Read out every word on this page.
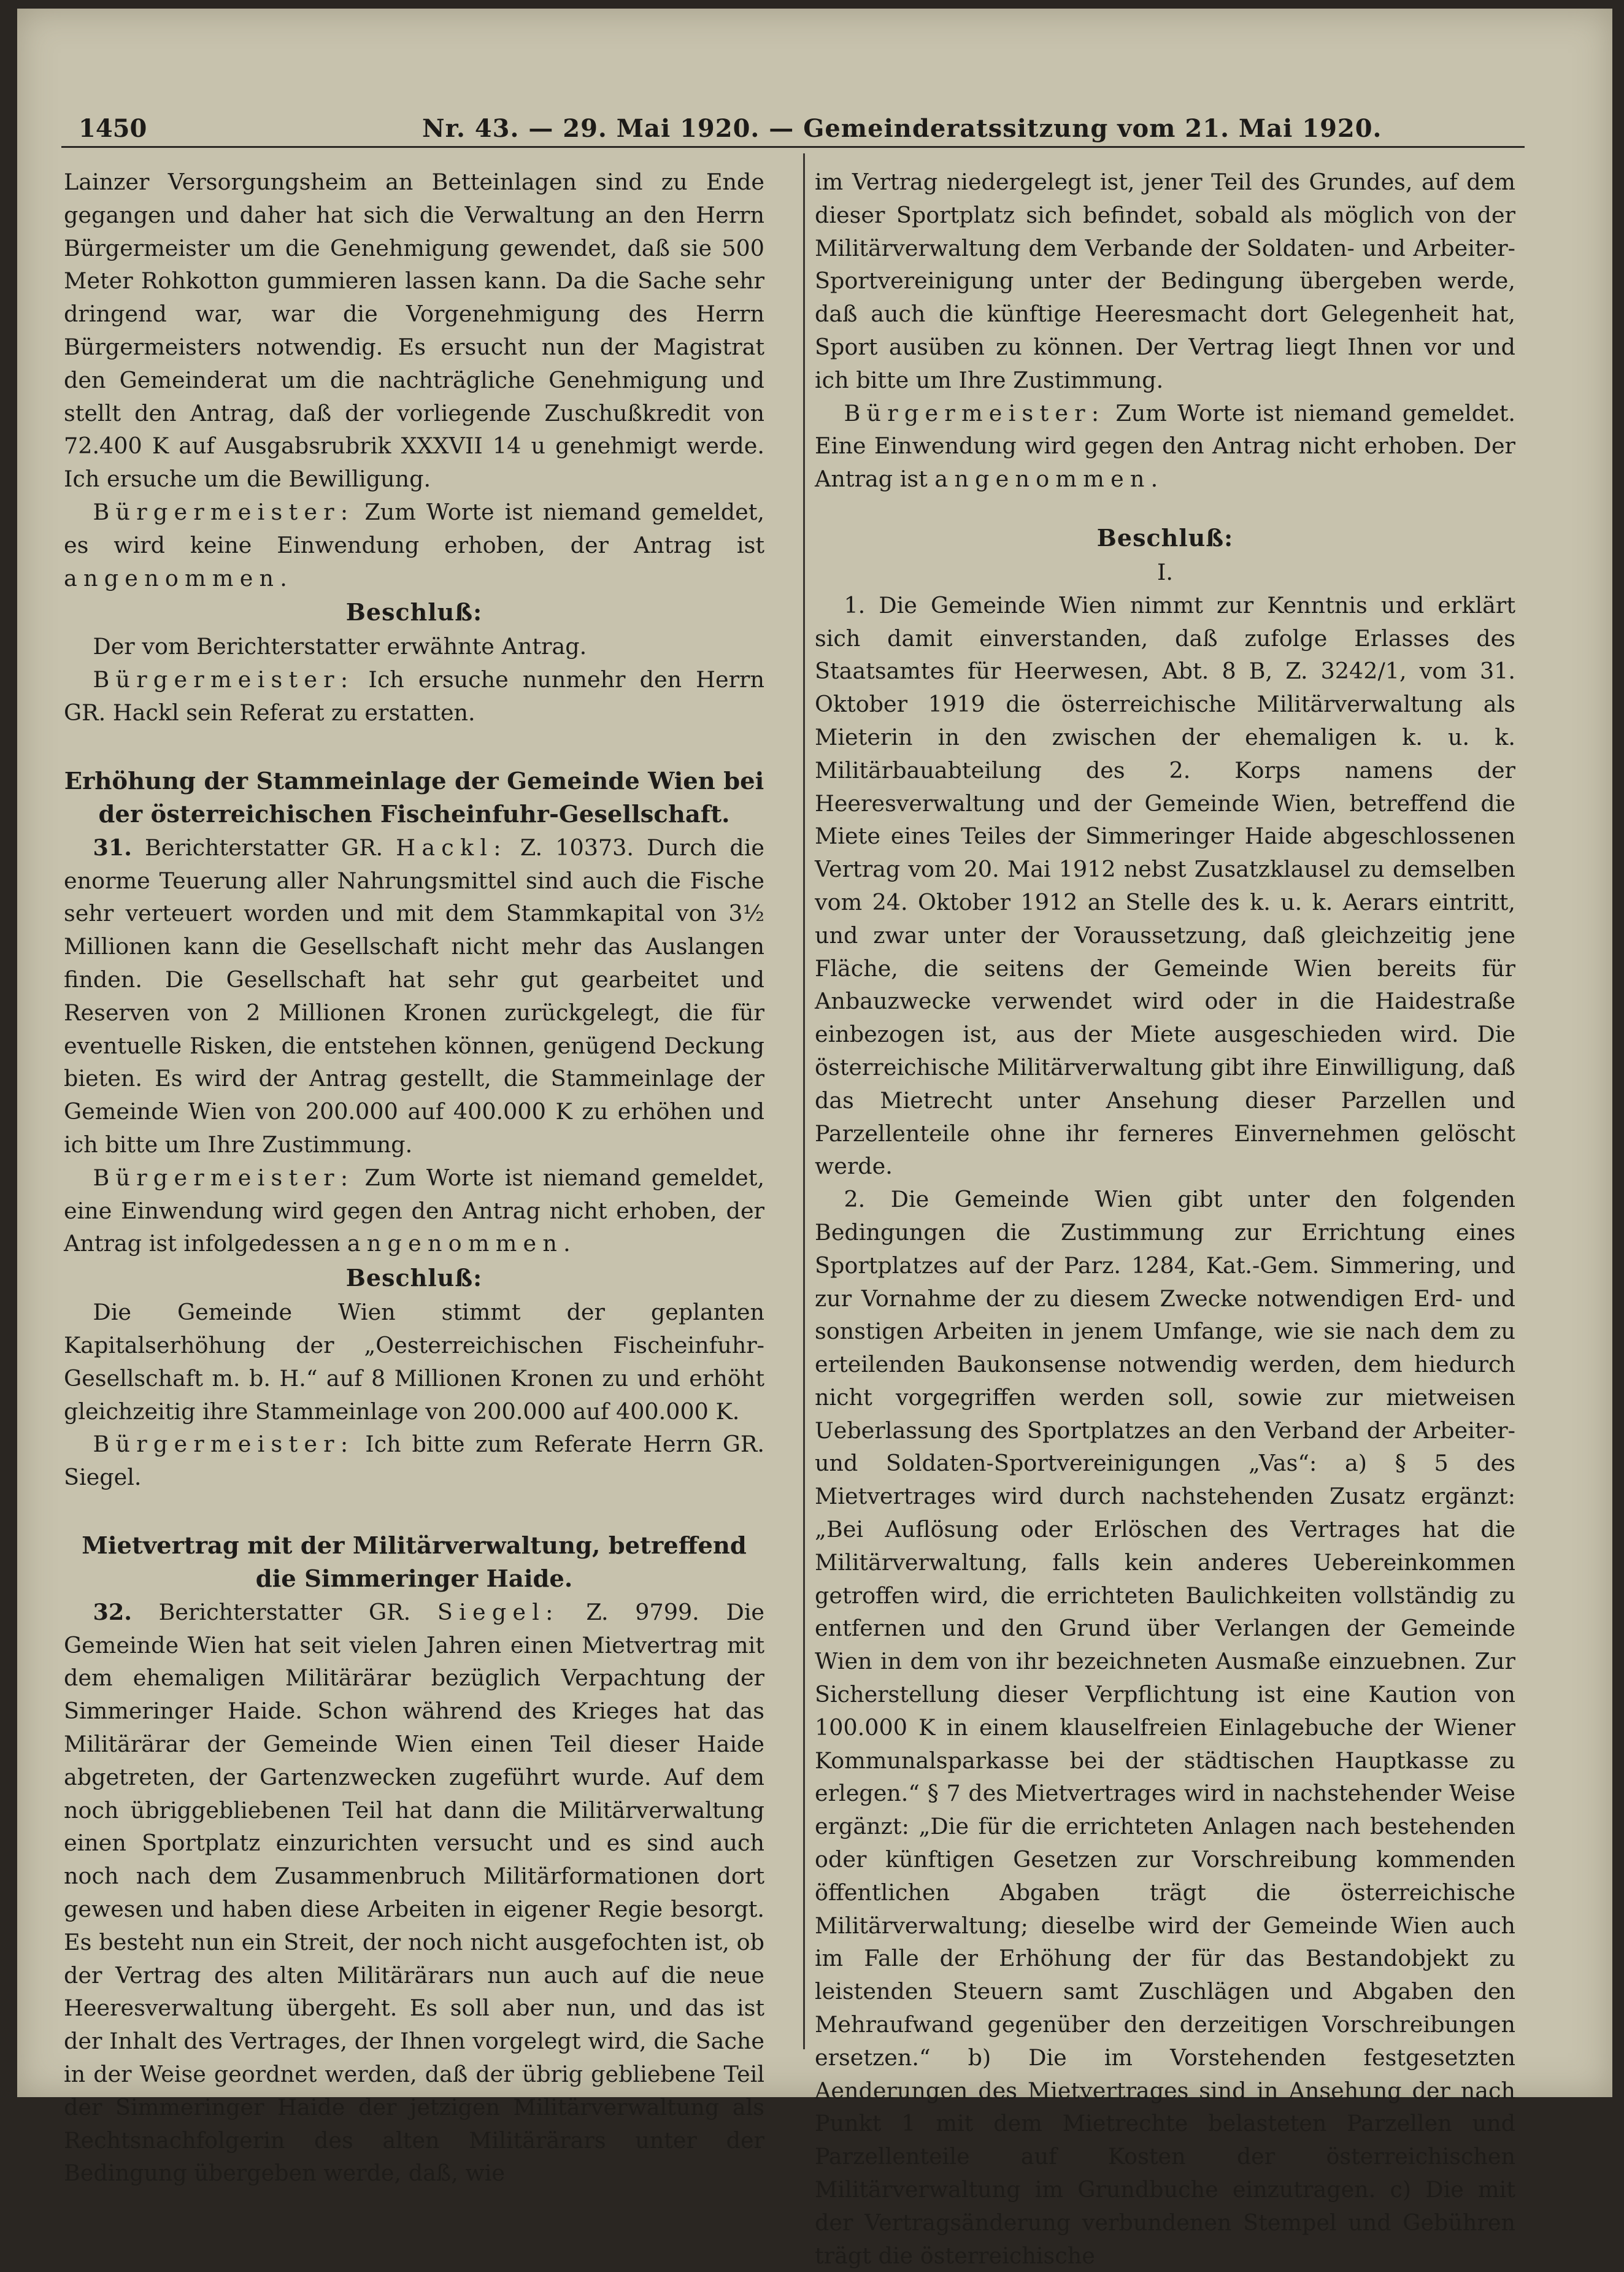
1450	Nr. 43. — 29. Mai 1920. — Gemeinderatssitzung vom 21. Mai 1920.

Lainzer Versorgungsheim an Betteinlagen sind zu Ende gegangen und daher hat sich die Verwaltung an den Herrn Bürgermeister um die Genehmigung gewendet, daß sie 500 Meter Rohkotton gummieren lassen kann. Da die Sache sehr dringend war, war die Vorgenehmigung des Herrn Bürgermeisters notwendig. Es ersucht nun der Magistrat den Gemeinderat um die nachträgliche Genehmigung und stellt den Antrag, daß der vorliegende Zuschußkredit von 72.400 K auf Ausgabsrubrik XXXVII 14 u genehmigt werde. Ich ersuche um die Bewilligung.

Bürgermeister: Zum Worte ist niemand gemeldet, es wird keine Einwendung erhoben, der Antrag ist angenommen.

Beschluß:

Der vom Berichterstatter erwähnte Antrag.

Bürgermeister: Ich ersuche nunmehr den Herrn GR. Hackl sein Referat zu erstatten.

Erhöhung der Stammeinlage der Gemeinde Wien bei der österreichischen Fischeinfuhr-Gesellschaft.

31. Berichterstatter GR. Hackl: Z. 10373. Durch die enorme Teuerung aller Nahrungsmittel sind auch die Fische sehr verteuert worden und mit dem Stammkapital von 3½ Millionen kann die Gesellschaft nicht mehr das Auslangen finden. Die Gesellschaft hat sehr gut gearbeitet und Reserven von 2 Millionen Kronen zurückgelegt, die für eventuelle Risken, die entstehen können, genügend Deckung bieten. Es wird der Antrag gestellt, die Stammeinlage der Gemeinde Wien von 200.000 auf 400.000 K zu erhöhen und ich bitte um Ihre Zustimmung.

Bürgermeister: Zum Worte ist niemand gemeldet, eine Einwendung wird gegen den Antrag nicht erhoben, der Antrag ist infolgedessen angenommen.

Beschluß:

Die Gemeinde Wien stimmt der geplanten Kapitalserhöhung der „Oesterreichischen Fischeinfuhr-Gesellschaft m. b. H.“ auf 8 Millionen Kronen zu und erhöht gleichzeitig ihre Stammeinlage von 200.000 auf 400.000 K.

Bürgermeister: Ich bitte zum Referate Herrn GR. Siegel.

Mietvertrag mit der Militärverwaltung, betreffend die Simmeringer Haide.

32. Berichterstatter GR. Siegel: Z. 9799. Die Gemeinde Wien hat seit vielen Jahren einen Mietvertrag mit dem ehemaligen Militärärar bezüglich Verpachtung der Simmeringer Haide. Schon während des Krieges hat das Militärärar der Gemeinde Wien einen Teil dieser Haide abgetreten, der Gartenzwecken zugeführt wurde. Auf dem noch übriggebliebenen Teil hat dann die Militärverwaltung einen Sportplatz einzurichten versucht und es sind auch noch nach dem Zusammenbruch Militärformationen dort gewesen und haben diese Arbeiten in eigener Regie besorgt. Es besteht nun ein Streit, der noch nicht ausgefochten ist, ob der Vertrag des alten Militärärars nun auch auf die neue Heeresverwaltung übergeht. Es soll aber nun, und das ist der Inhalt des Vertrages, der Ihnen vorgelegt wird, die Sache in der Weise geordnet werden, daß der übrig gebliebene Teil der Simmeringer Haide der jetzigen Militärverwaltung als Rechtsnachfolgerin des alten Militärärars unter der Bedingung übergeben werde, daß, wie

im Vertrag niedergelegt ist, jener Teil des Grundes, auf dem dieser Sportplatz sich befindet, sobald als möglich von der Militärverwaltung dem Verbande der Soldaten- und Arbeiter-Sportvereinigung unter der Bedingung übergeben werde, daß auch die künftige Heeresmacht dort Gelegenheit hat, Sport ausüben zu können. Der Vertrag liegt Ihnen vor und ich bitte um Ihre Zustimmung.

Bürgermeister: Zum Worte ist niemand gemeldet. Eine Einwendung wird gegen den Antrag nicht erhoben. Der Antrag ist angenommen.

Beschluß:

I.

1. Die Gemeinde Wien nimmt zur Kenntnis und erklärt sich damit einverstanden, daß zufolge Erlasses des Staatsamtes für Heerwesen, Abt. 8 B, Z. 3242/1, vom 31. Oktober 1919 die österreichische Militärverwaltung als Mieterin in den zwischen der ehemaligen k. u. k. Militärbauabteilung des 2. Korps namens der Heeresverwaltung und der Gemeinde Wien, betreffend die Miete eines Teiles der Simmeringer Haide abgeschlossenen Vertrag vom 20. Mai 1912 nebst Zusatzklausel zu demselben vom 24. Oktober 1912 an Stelle des k. u. k. Aerars eintritt, und zwar unter der Voraussetzung, daß gleichzeitig jene Fläche, die seitens der Gemeinde Wien bereits für Anbauzwecke verwendet wird oder in die Haidestraße einbezogen ist, aus der Miete ausgeschieden wird. Die österreichische Militärverwaltung gibt ihre Einwilligung, daß das Mietrecht unter Ansehung dieser Parzellen und Parzellenteile ohne ihr ferneres Einvernehmen gelöscht werde.

2. Die Gemeinde Wien gibt unter den folgenden Bedingungen die Zustimmung zur Errichtung eines Sportplatzes auf der Parz. 1284, Kat.-Gem. Simmering, und zur Vornahme der zu diesem Zwecke notwendigen Erd- und sonstigen Arbeiten in jenem Umfange, wie sie nach dem zu erteilenden Baukonsense notwendig werden, dem hiedurch nicht vorgegriffen werden soll, sowie zur mietweisen Ueberlassung des Sportplatzes an den Verband der Arbeiter- und Soldaten-Sportvereinigungen „Vas“: a) § 5 des Mietvertrages wird durch nachstehenden Zusatz ergänzt: „Bei Auflösung oder Erlöschen des Vertrages hat die Militärverwaltung, falls kein anderes Uebereinkommen getroffen wird, die errichteten Baulichkeiten vollständig zu entfernen und den Grund über Verlangen der Gemeinde Wien in dem von ihr bezeichneten Ausmaße einzuebnen. Zur Sicherstellung dieser Verpflichtung ist eine Kaution von 100.000 K in einem klauselfreien Einlagebuche der Wiener Kommunalsparkasse bei der städtischen Hauptkasse zu erlegen.“ § 7 des Mietvertrages wird in nachstehender Weise ergänzt: „Die für die errichteten Anlagen nach bestehenden oder künftigen Gesetzen zur Vorschreibung kommenden öffentlichen Abgaben trägt die österreichische Militärverwaltung; dieselbe wird der Gemeinde Wien auch im Falle der Erhöhung der für das Bestandobjekt zu leistenden Steuern samt Zuschlägen und Abgaben den Mehraufwand gegenüber den derzeitigen Vorschreibungen ersetzen.“ b) Die im Vorstehenden festgesetzten Aenderungen des Mietvertrages sind in Ansehung der nach Punkt 1 mit dem Mietrechte belasteten Parzellen und Parzellenteile auf Kosten der österreichischen Militärverwaltung im Grundbuche einzutragen. c) Die mit der Vertragsänderung verbundenen Stempel und Gebühren trägt die österreichische
